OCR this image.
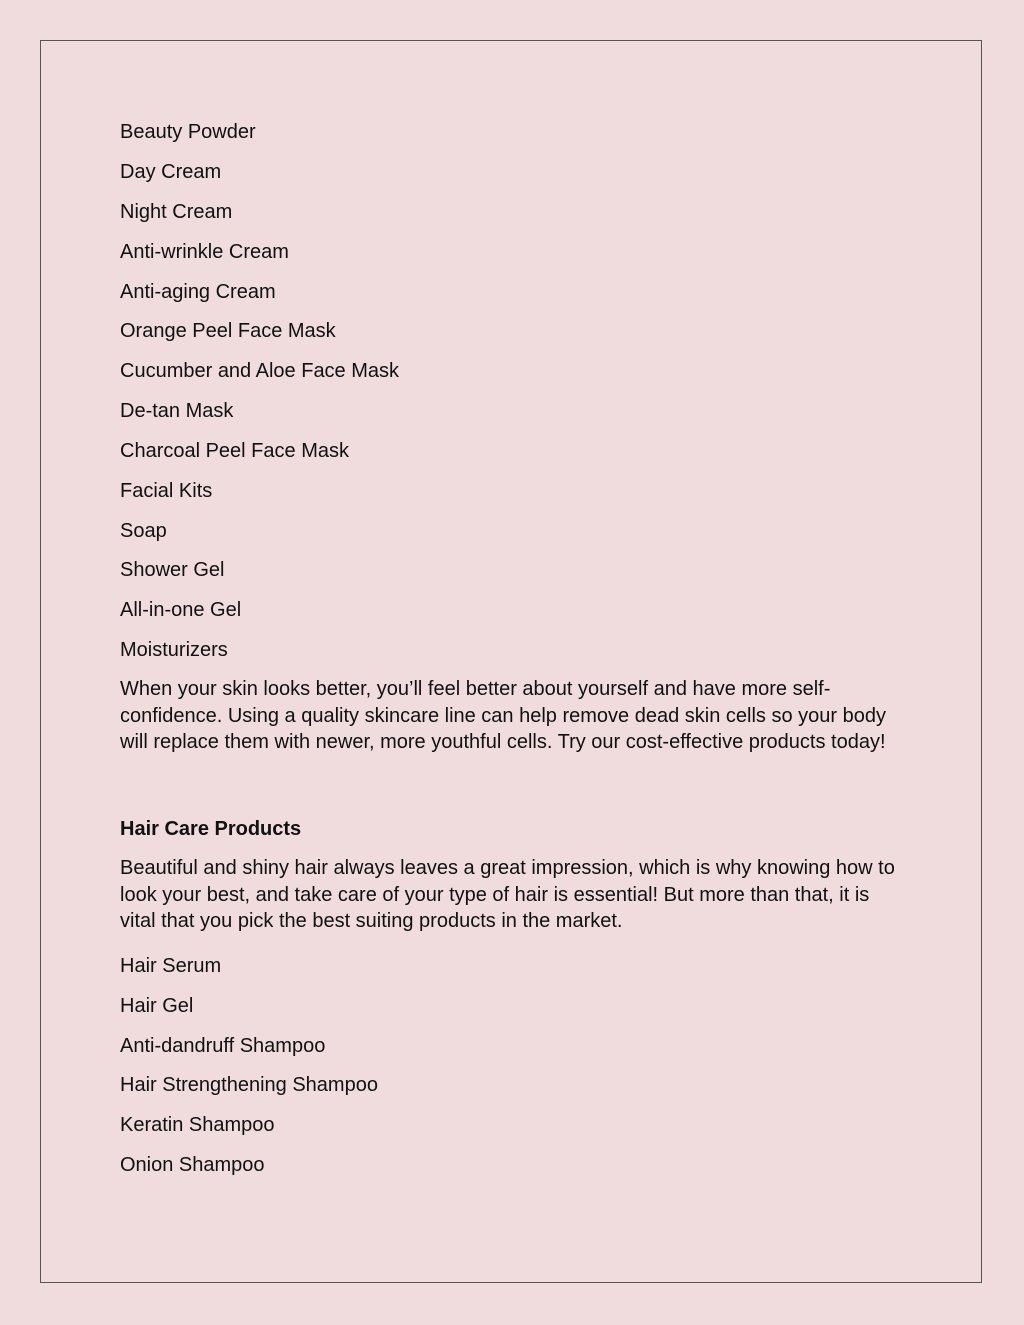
Beauty Powder
Day Cream
Night Cream
Anti-wrinkle Cream
Anti-aging Cream
Orange Peel Face Mask
Cucumber and Aloe Face Mask
De-tan Mask
Charcoal Peel Face Mask
Facial Kits
Soap
Shower Gel
All-in-one Gel
Moisturizers
When your skin looks better, you’ll feel better about yourself and have more self-confidence. Using a quality skincare line can help remove dead skin cells so your body will replace them with newer, more youthful cells. Try our cost-effective products today!
Hair Care Products
Beautiful and shiny hair always leaves a great impression, which is why knowing how to look your best, and take care of your type of hair is essential! But more than that, it is vital that you pick the best suiting products in the market.
Hair Serum
Hair Gel
Anti-dandruff Shampoo
Hair Strengthening Shampoo
Keratin Shampoo
Onion Shampoo
